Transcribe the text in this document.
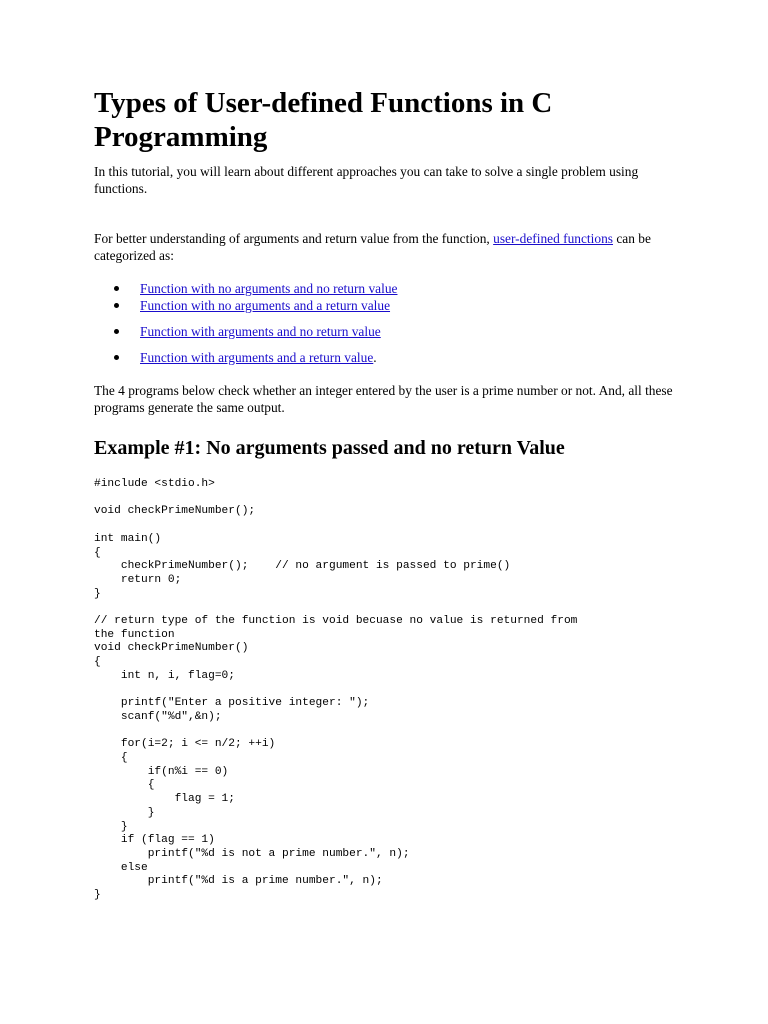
Types of User-defined Functions in C Programming

In this tutorial, you will learn about different approaches you can take to solve a single problem using functions.

For better understanding of arguments and return value from the function, user-defined functions can be categorized as:

Function with no arguments and no return value
Function with no arguments and a return value
Function with arguments and no return value
Function with arguments and a return value.

The 4 programs below check whether an integer entered by the user is a prime number or not. And, all these programs generate the same output.

Example #1: No arguments passed and no return Value
#include <stdio.h>

void checkPrimeNumber();

int main()
{
checkPrimeNumber();    // no argument is passed to prime()
return 0;
}

// return type of the function is void becuase no value is returned from
the function
void checkPrimeNumber()
{
int n, i, flag=0;

printf("Enter a positive integer: ");
scanf("%d",&n);

for(i=2; i <= n/2; ++i)
{
if(n%i == 0)
{
flag = 1;
}
}
if (flag == 1)
printf("%d is not a prime number.", n);
else
printf("%d is a prime number.", n);
}
